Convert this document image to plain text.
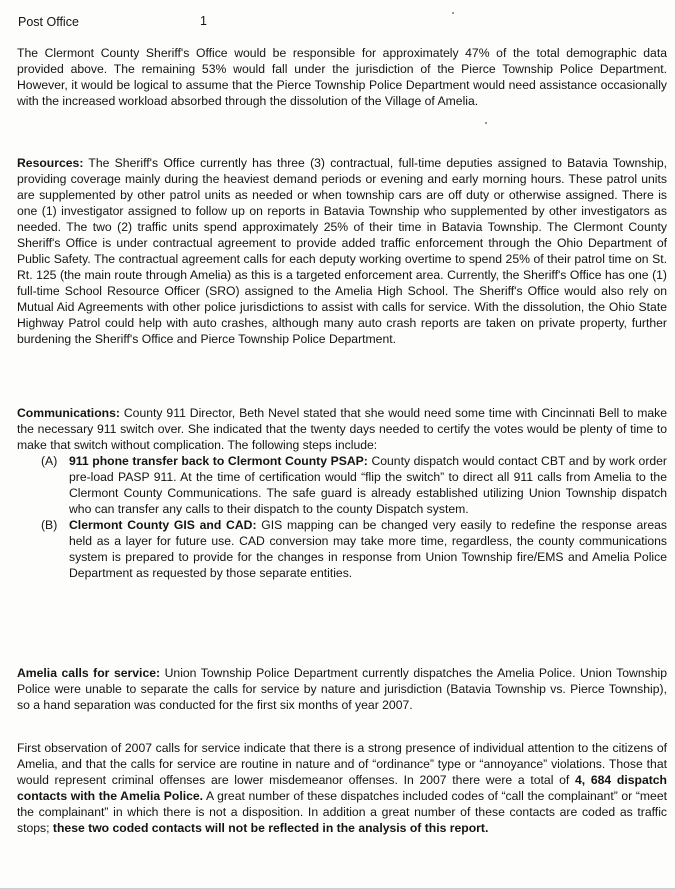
Post Office	1

The Clermont County Sheriff's Office would be responsible for approximately 47% of the total demographic data provided above. The remaining 53% would fall under the jurisdiction of the Pierce Township Police Department. However, it would be logical to assume that the Pierce Township Police Department would need assistance occasionally with the increased workload absorbed through the dissolution of the Village of Amelia.

Resources: The Sheriff's Office currently has three (3) contractual, full-time deputies assigned to Batavia Township, providing coverage mainly during the heaviest demand periods or evening and early morning hours. These patrol units are supplemented by other patrol units as needed or when township cars are off duty or otherwise assigned. There is one (1) investigator assigned to follow up on reports in Batavia Township who supplemented by other investigators as needed. The two (2) traffic units spend approximately 25% of their time in Batavia Township. The Clermont County Sheriff's Office is under contractual agreement to provide added traffic enforcement through the Ohio Department of Public Safety. The contractual agreement calls for each deputy working overtime to spend 25% of their patrol time on St. Rt. 125 (the main route through Amelia) as this is a targeted enforcement area. Currently, the Sheriff's Office has one (1) full-time School Resource Officer (SRO) assigned to the Amelia High School. The Sheriff's Office would also rely on Mutual Aid Agreements with other police jurisdictions to assist with calls for service. With the dissolution, the Ohio State Highway Patrol could help with auto crashes, although many auto crash reports are taken on private property, further burdening the Sheriff's Office and Pierce Township Police Department.

Communications: County 911 Director, Beth Nevel stated that she would need some time with Cincinnati Bell to make the necessary 911 switch over. She indicated that the twenty days needed to certify the votes would be plenty of time to make that switch without complication. The following steps include:
(A) 911 phone transfer back to Clermont County PSAP: County dispatch would contact CBT and by work order pre-load PASP 911. At the time of certification would “flip the switch” to direct all 911 calls from Amelia to the Clermont County Communications. The safe guard is already established utilizing Union Township dispatch who can transfer any calls to their dispatch to the county Dispatch system.
(B) Clermont County GIS and CAD: GIS mapping can be changed very easily to redefine the response areas held as a layer for future use. CAD conversion may take more time, regardless, the county communications system is prepared to provide for the changes in response from Union Township fire/EMS and Amelia Police Department as requested by those separate entities.

Amelia calls for service: Union Township Police Department currently dispatches the Amelia Police. Union Township Police were unable to separate the calls for service by nature and jurisdiction (Batavia Township vs. Pierce Township), so a hand separation was conducted for the first six months of year 2007.

First observation of 2007 calls for service indicate that there is a strong presence of individual attention to the citizens of Amelia, and that the calls for service are routine in nature and of “ordinance” type or “annoyance” violations. Those that would represent criminal offenses are lower misdemeanor offenses. In 2007 there were a total of 4, 684 dispatch contacts with the Amelia Police. A great number of these dispatches included codes of “call the complainant” or “meet the complainant” in which there is not a disposition. In addition a great number of these contacts are coded as traffic stops; these two coded contacts will not be reflected in the analysis of this report.
